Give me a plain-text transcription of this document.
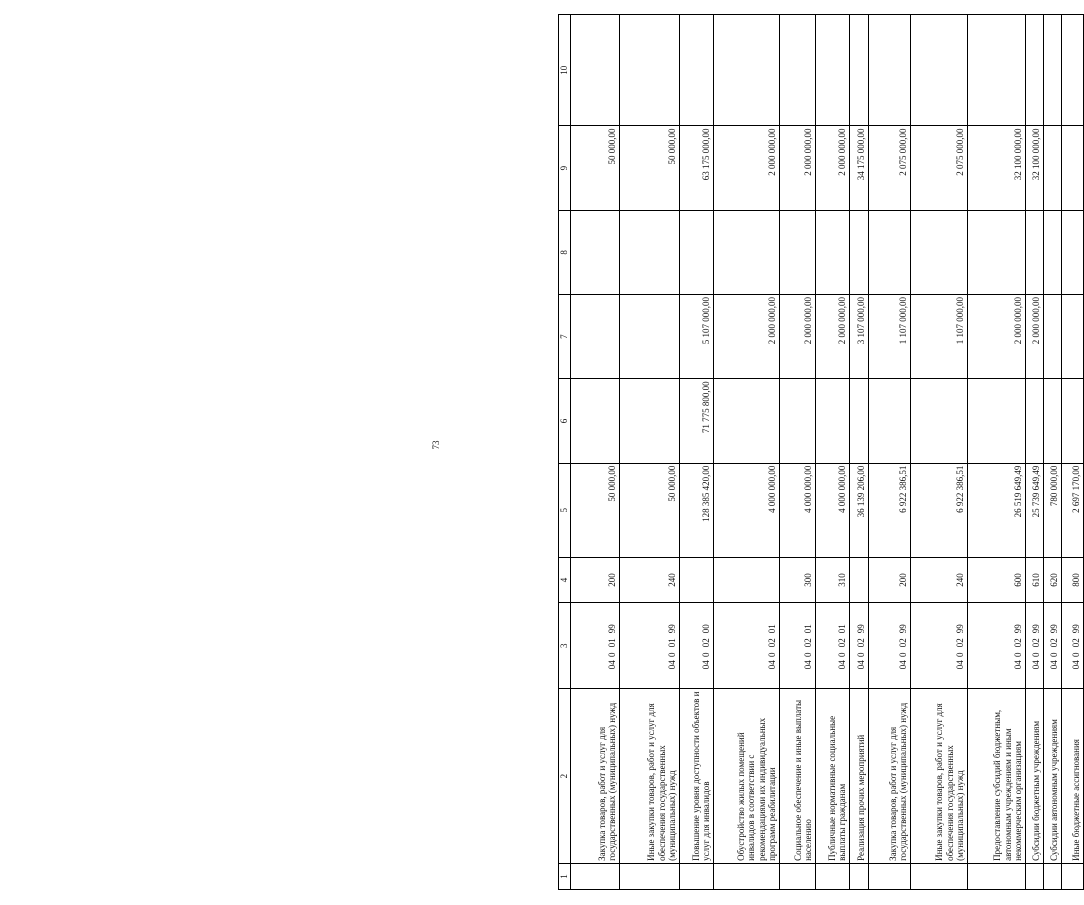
73
1	2	3	4	5	6	7	8	9	10
	Закупка товаров, работ и услуг для государственных (муниципальных) нужд	0400199	200	50 000,00				50 000,00	
	Иные закупки товаров, работ и услуг для обеспечения государственных (муниципальных) нужд	0400199	240	50 000,00				50 000,00	
	Повышение уровня доступности объектов и услуг для инвалидов	0400200		128 385 420,00	71 775 800,00	5 107 000,00		63 175 000,00	
	Обустройство жилых помещений инвалидов в соответствии с рекомендациями их индивидуальных программ реабилитации	0400201		4 000 000,00		2 000 000,00		2 000 000,00	
	Социальное обеспечение и иные выплаты населению	0400201	300	4 000 000,00		2 000 000,00		2 000 000,00	
	Публичные нормативные социальные выплаты гражданам	0400201	310	4 000 000,00		2 000 000,00		2 000 000,00	
	Реализация прочих мероприятий	0400299		36 139 206,00		3 107 000,00		34 175 000,00	
	Закупка товаров, работ и услуг для государственных (муниципальных) нужд	0400299	200	6 922 386,51		1 107 000,00		2 075 000,00	
	Иные закупки товаров, работ и услуг для обеспечения государственных (муниципальных) нужд	0400299	240	6 922 386,51		1 107 000,00		2 075 000,00	
	Предоставление субсидий бюджетным, автономным учреждениям и иным некоммерческим организациям	0400299	600	26 519 649,49		2 000 000,00		32 100 000,00	
	Субсидии бюджетным учреждениям	0400299	610	25 739 649,49		2 000 000,00		32 100 000,00	
	Субсидии автономным учреждениям	0400299	620	780 000,00					
	Иные бюджетные ассигнования	0400299	800	2 697 170,00					
